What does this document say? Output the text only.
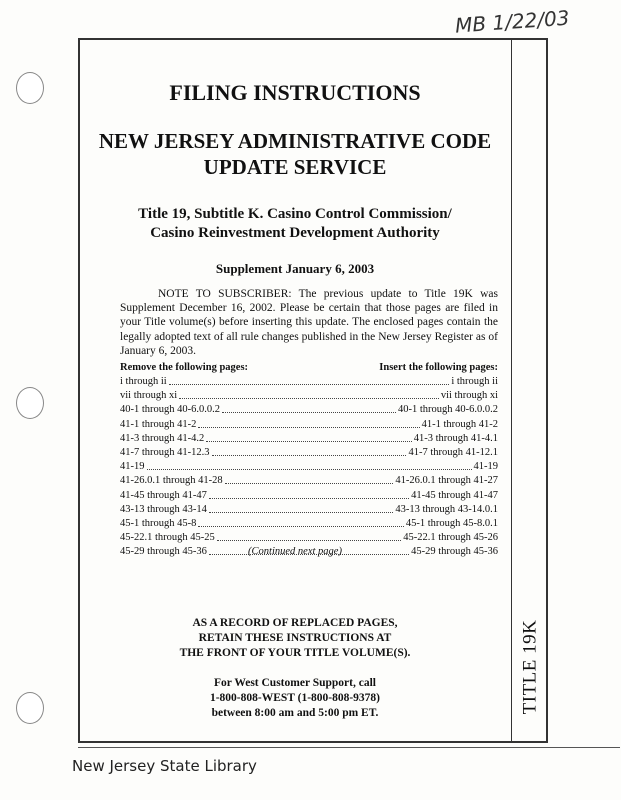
MB 1/22/03
TITLE 19K
FILING INSTRUCTIONS
NEW JERSEY ADMINISTRATIVE CODE
UPDATE SERVICE
Title 19, Subtitle K. Casino Control Commission/
Casino Reinvestment Development Authority
Supplement January 6, 2003

NOTE TO SUBSCRIBER: The previous update to Title 19K was Supplement December 16, 2002. Please be certain that those pages are filed in your Title volume(s) before inserting this update. The enclosed pages contain the legally adopted text of all rule changes published in the New Jersey Register as of January 6, 2003.

Remove the following pages:	Insert the following pages:
i through ii	i through ii
vii through xi	vii through xi
40-1 through 40-6.0.0.2	40-1 through 40-6.0.0.2
41-1 through 41-2	41-1 through 41-2
41-3 through 41-4.2	41-3 through 41-4.1
41-7 through 41-12.3	41-7 through 41-12.1
41-19	41-19
41-26.0.1 through 41-28	41-26.0.1 through 41-27
41-45 through 41-47	41-45 through 41-47
43-13 through 43-14	43-13 through 43-14.0.1
45-1 through 45-8	45-1 through 45-8.0.1
45-22.1 through 45-25	45-22.1 through 45-26
45-29 through 45-36	45-29 through 45-36
(Continued next page)
AS A RECORD OF REPLACED PAGES,
RETAIN THESE INSTRUCTIONS AT
THE FRONT OF YOUR TITLE VOLUME(S).
For West Customer Support, call
1-800-808-WEST (1-800-808-9378)
between 8:00 am and 5:00 pm ET.
New Jersey State Library
